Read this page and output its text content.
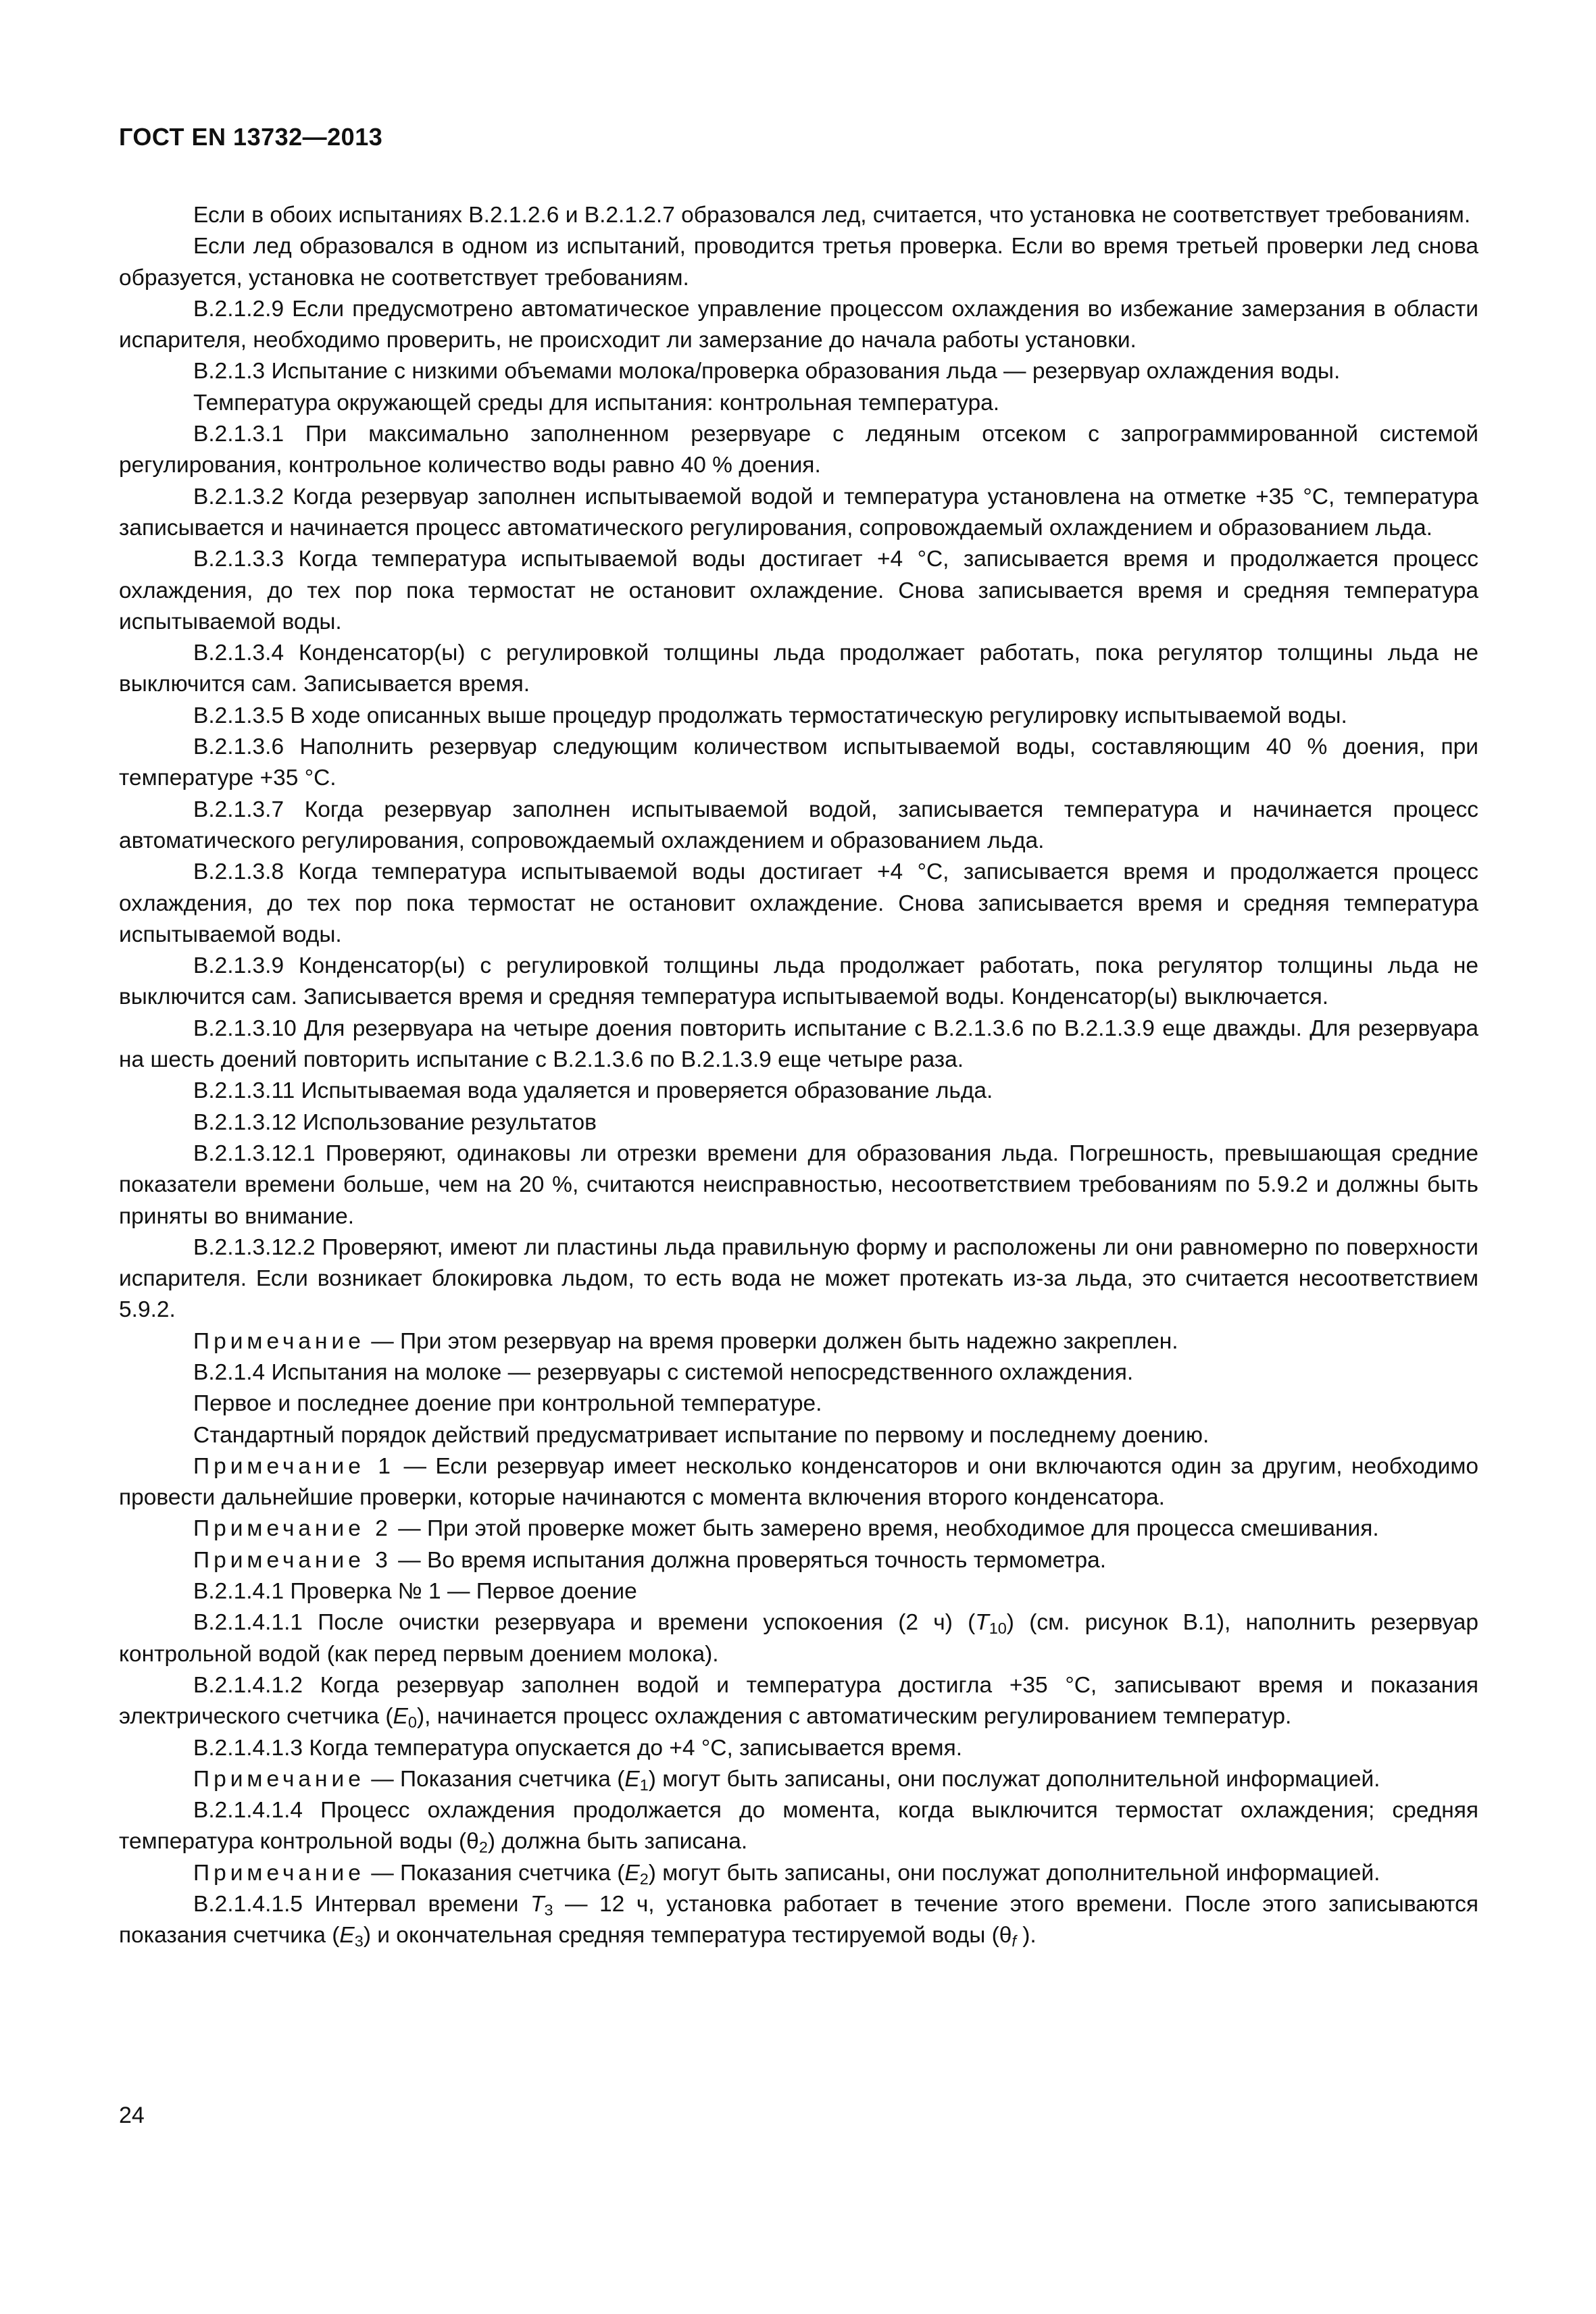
ГОСТ EN 13732—2013

Если в обоих испытаниях B.2.1.2.6 и B.2.1.2.7 образовался лед, считается, что установка не соответствует требованиям.

Если лед образовался в одном из испытаний, проводится третья проверка. Если во время третьей проверки лед снова образуется, установка не соответствует требованиям.

B.2.1.2.9 Если предусмотрено автоматическое управление процессом охлаждения во избежание замерзания в области испарителя, необходимо проверить, не происходит ли замерзание до начала работы установки.

B.2.1.3 Испытание с низкими объемами молока/проверка образования льда — резервуар охлаждения воды.

Температура окружающей среды для испытания: контрольная температура.

B.2.1.3.1 При максимально заполненном резервуаре с ледяным отсеком с запрограммированной системой регулирования, контрольное количество воды равно 40 % доения.

B.2.1.3.2 Когда резервуар заполнен испытываемой водой и температура установлена на отметке +35 °С, температура записывается и начинается процесс автоматического регулирования, сопровождаемый охлаждением и образованием льда.

B.2.1.3.3 Когда температура испытываемой воды достигает +4 °С, записывается время и продолжается процесс охлаждения, до тех пор пока термостат не остановит охлаждение. Снова записывается время и средняя температура испытываемой воды.

B.2.1.3.4 Конденсатор(ы) с регулировкой толщины льда продолжает работать, пока регулятор толщины льда не выключится сам. Записывается время.

B.2.1.3.5 В ходе описанных выше процедур продолжать термостатическую регулировку испытываемой воды.

B.2.1.3.6 Наполнить резервуар следующим количеством испытываемой воды, составляющим 40 % доения, при температуре +35 °С.

B.2.1.3.7 Когда резервуар заполнен испытываемой водой, записывается температура и начинается процесс автоматического регулирования, сопровождаемый охлаждением и образованием льда.

B.2.1.3.8 Когда температура испытываемой воды достигает +4 °С, записывается время и продолжается процесс охлаждения, до тех пор пока термостат не остановит охлаждение. Снова записывается время и средняя температура испытываемой воды.

B.2.1.3.9 Конденсатор(ы) с регулировкой толщины льда продолжает работать, пока регулятор толщины льда не выключится сам. Записывается время и средняя температура испытываемой воды. Конденсатор(ы) выключается.

B.2.1.3.10 Для резервуара на четыре доения повторить испытание с B.2.1.3.6 по B.2.1.3.9 еще дважды. Для резервуара на шесть доений повторить испытание с B.2.1.3.6 по B.2.1.3.9 еще четыре раза.

B.2.1.3.11 Испытываемая вода удаляется и проверяется образование льда.

B.2.1.3.12 Использование результатов

B.2.1.3.12.1 Проверяют, одинаковы ли отрезки времени для образования льда. Погрешность, превышающая средние показатели времени больше, чем на 20 %, считаются неисправностью, несоответствием требованиям по 5.9.2 и должны быть приняты во внимание.

B.2.1.3.12.2 Проверяют, имеют ли пластины льда правильную форму и расположены ли они равномерно по поверхности испарителя. Если возникает блокировка льдом, то есть вода не может протекать из-за льда, это считается несоответствием 5.9.2.

Примечание — При этом резервуар на время проверки должен быть надежно закреплен.

B.2.1.4 Испытания на молоке — резервуары с системой непосредственного охлаждения.

Первое и последнее доение при контрольной температуре.

Стандартный порядок действий предусматривает испытание по первому и последнему доению.

Примечание 1 — Если резервуар имеет несколько конденсаторов и они включаются один за другим, необходимо провести дальнейшие проверки, которые начинаются с момента включения второго конденсатора.

Примечание 2 — При этой проверке может быть замерено время, необходимое для процесса смешивания.

Примечание 3 — Во время испытания должна проверяться точность термометра.

B.2.1.4.1 Проверка № 1 — Первое доение

B.2.1.4.1.1 После очистки резервуара и времени успокоения (2 ч) $(T_{10})$ (см. рисунок B.1), наполнить резервуар контрольной водой (как перед первым доением молока).

B.2.1.4.1.2 Когда резервуар заполнен водой и температура достигла +35 °С, записывают время и показания электрического счетчика $(E_0)$, начинается процесс охлаждения с автоматическим регулированием температур.

B.2.1.4.1.3 Когда температура опускается до +4 °С, записывается время.

Примечание — Показания счетчика $(E_1)$ могут быть записаны, они послужат дополнительной информацией.

B.2.1.4.1.4 Процесс охлаждения продолжается до момента, когда выключится термостат охлаждения; средняя температура контрольной воды $(\theta_2)$ должна быть записана.

Примечание — Показания счетчика $(E_2)$ могут быть записаны, они послужат дополнительной информацией.

B.2.1.4.1.5 Интервал времени $T_3$ — 12 ч, установка работает в течение этого времени. После этого записываются показания счетчика $(E_3)$ и окончательная средняя температура тестируемой воды ($\theta_f$ ).

24
